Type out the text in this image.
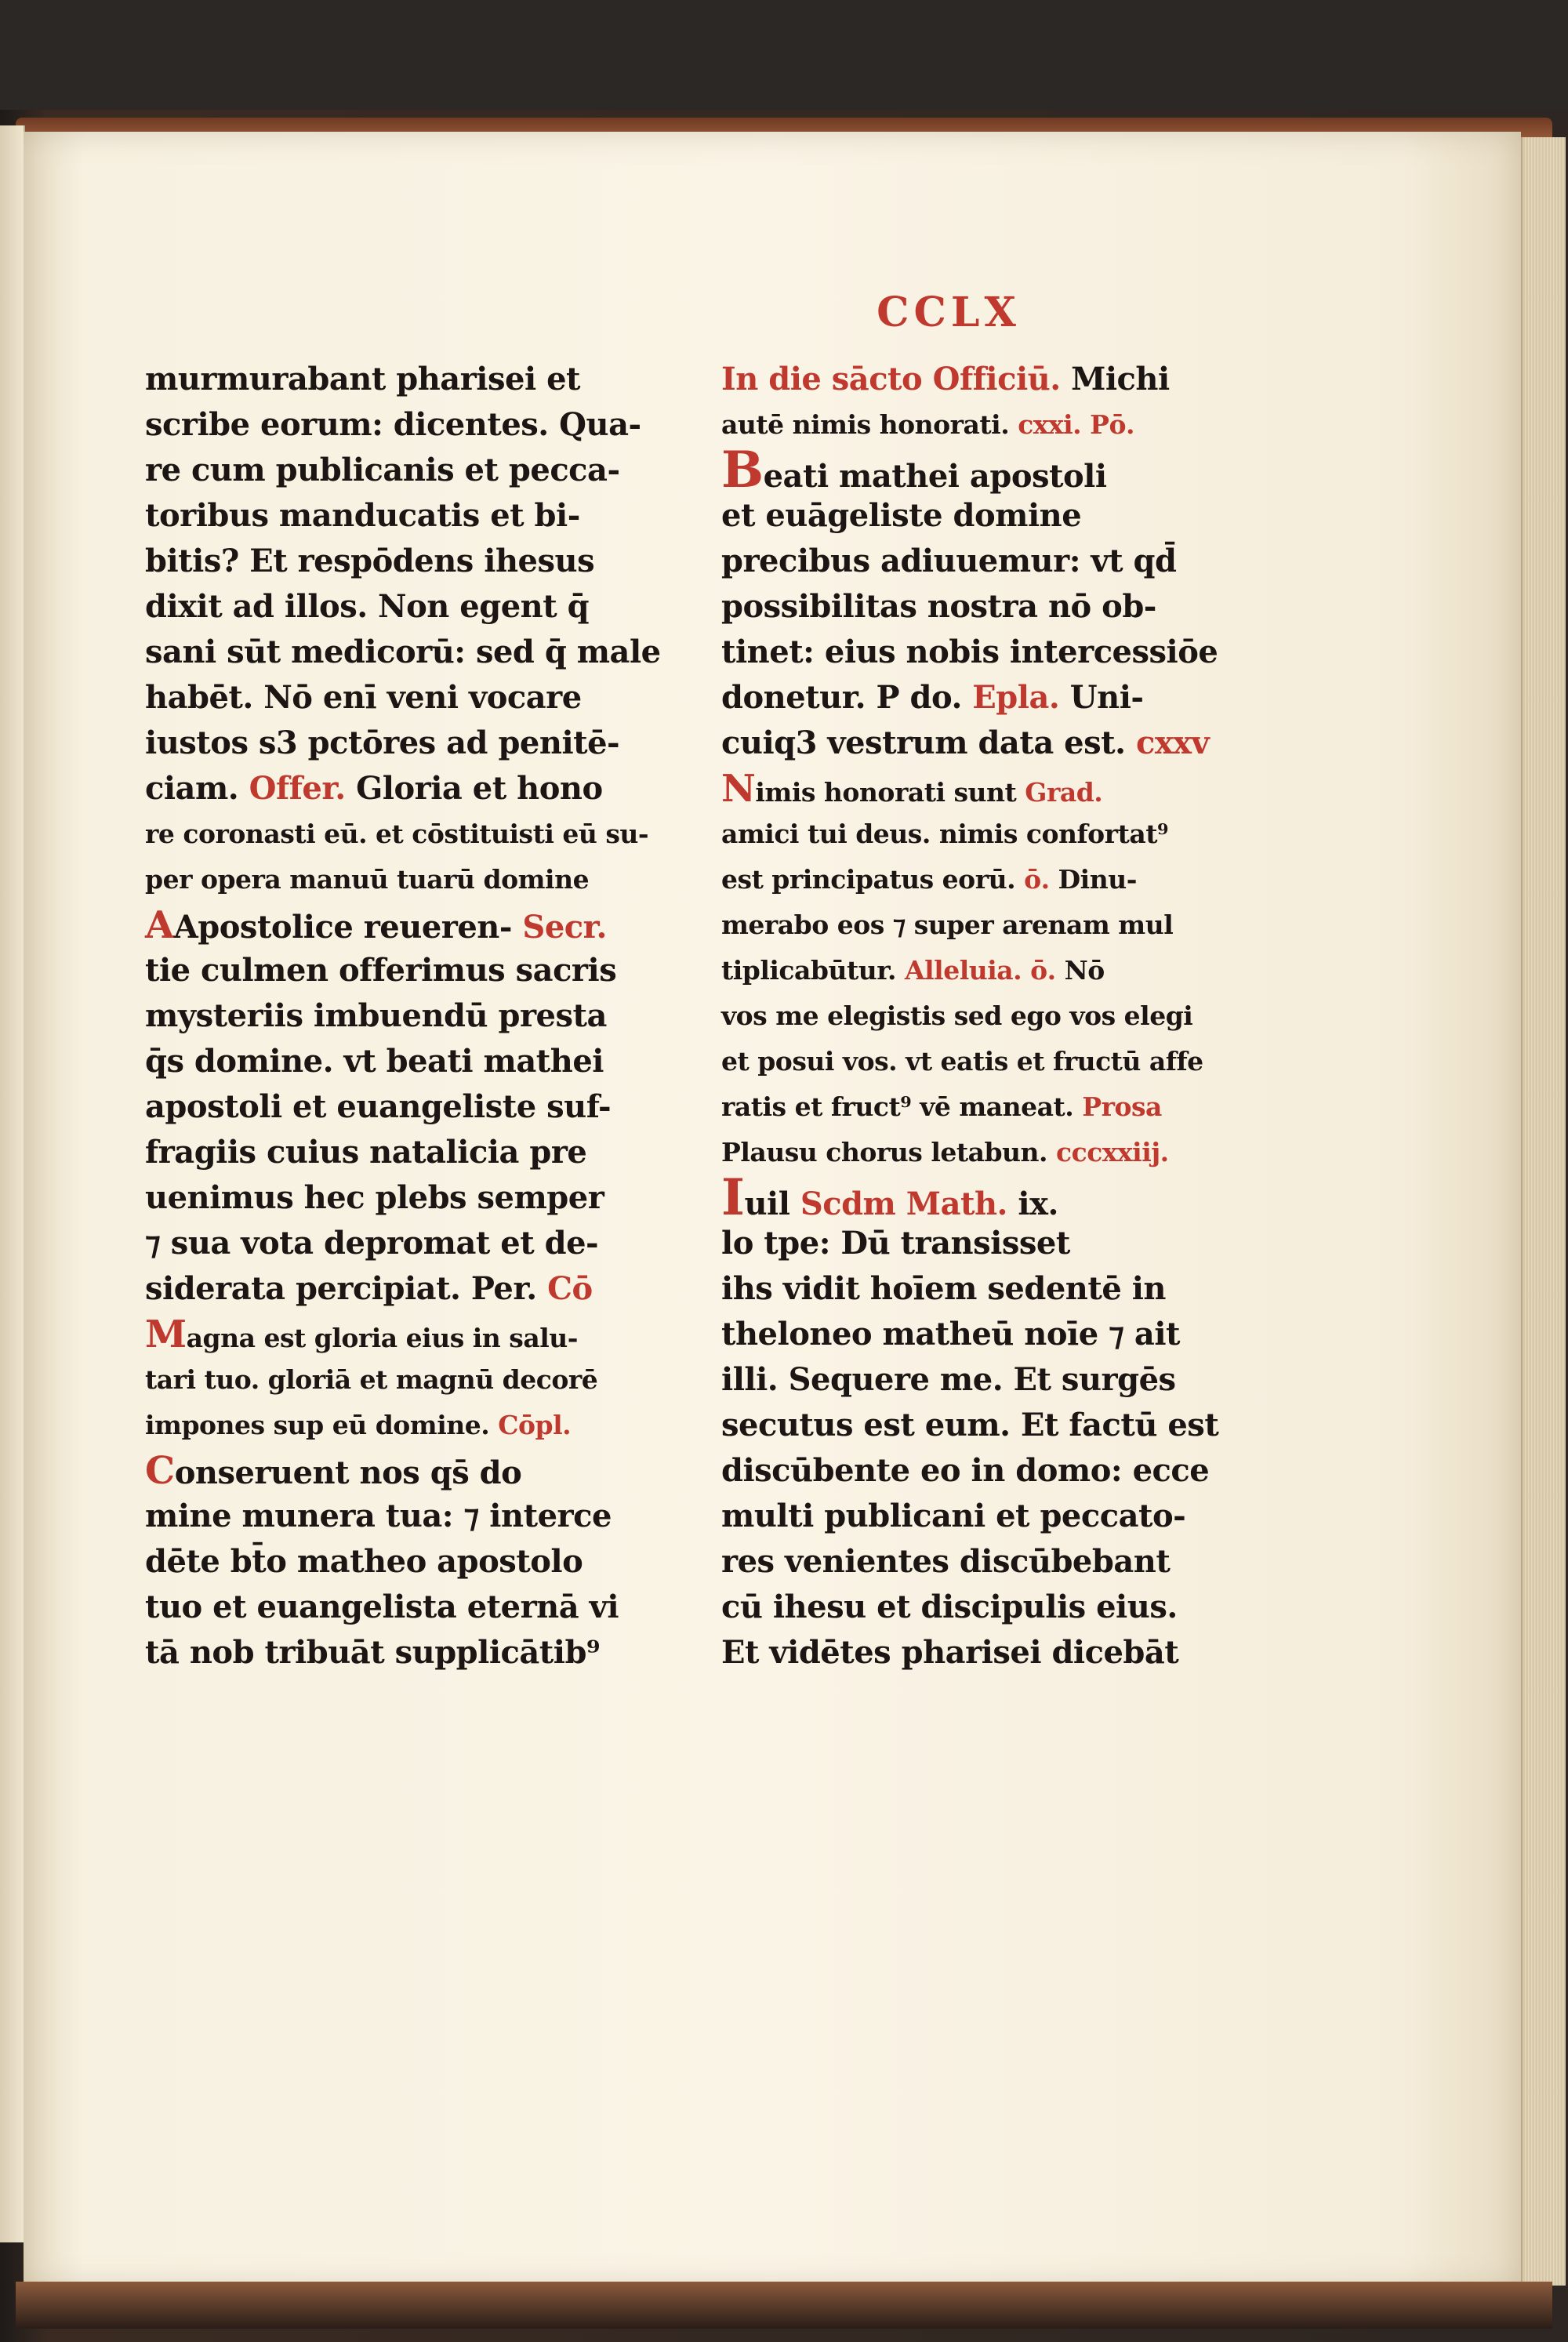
CCLX
murmurabant pharisei et
scribe eorum: dicentes. Qua-
re cum publicanis et pecca-
toribus manducatis et bi-
bitis? Et respōdens ihesus
dixit ad illos. Non egent q̄
sani sūt medicorū: sed q̄ male
habēt. Nō enī veni vocare
iustos s3 pctōres ad penitē-
ciam. Offer. Gloria et hono
re coronasti eū. et cōstituisti eū su-
per opera manuū tuarū domine
AApostolice reueren- Secr.
tie culmen offerimus sacris
mysteriis imbuendū presta
q̄s domine. vt beati mathei
apostoli et euangeliste suf-
fragiis cuius natalicia pre
uenimus hec plebs semper
⁊ sua vota depromat et de-
siderata percipiat. Per. Cō
Magna est gloria eius in salu-
tari tuo. gloriā et magnū decorē
impones sup eū domine. Cōpl.
Conseruent nos qs̄ do
mine munera tua: ⁊ interce
dēte bt̄o matheo apostolo
tuo et euangelista eternā vi
tā nob tribuāt supplicātib⁹
In die sācto Officiū. Michi
autē nimis honorati. cxxi. Pō.
Beati mathei apostoli
et euāgeliste domine
precibus adiuuemur: vt qd̄
possibilitas nostra nō ob-
tinet: eius nobis intercessiōe
donetur. P do. Epla. Uni-
cuiq3 vestrum data est. cxxv
Nimis honorati sunt Grad.
amici tui deus. nimis confortat⁹
est principatus eorū. ō. Dinu-
merabo eos ⁊ super arenam mul
tiplicabūtur. Alleluia. ō. Nō
vos me elegistis sed ego vos elegi
et posui vos. vt eatis et fructū affe
ratis et fruct⁹ vē maneat. Prosa
Plausu chorus letabun. cccxxiij.
Iuil Scdm Math. ix.
lo tpe: Dū transisset
ihs vidit hoīem sedentē in
theloneo matheū noīe ⁊ ait
illi. Sequere me. Et surgēs
secutus est eum. Et factū est
discūbente eo in domo: ecce
multi publicani et peccato-
res venientes discūbebant
cū ihesu et discipulis eius.
Et vidētes pharisei dicebāt
